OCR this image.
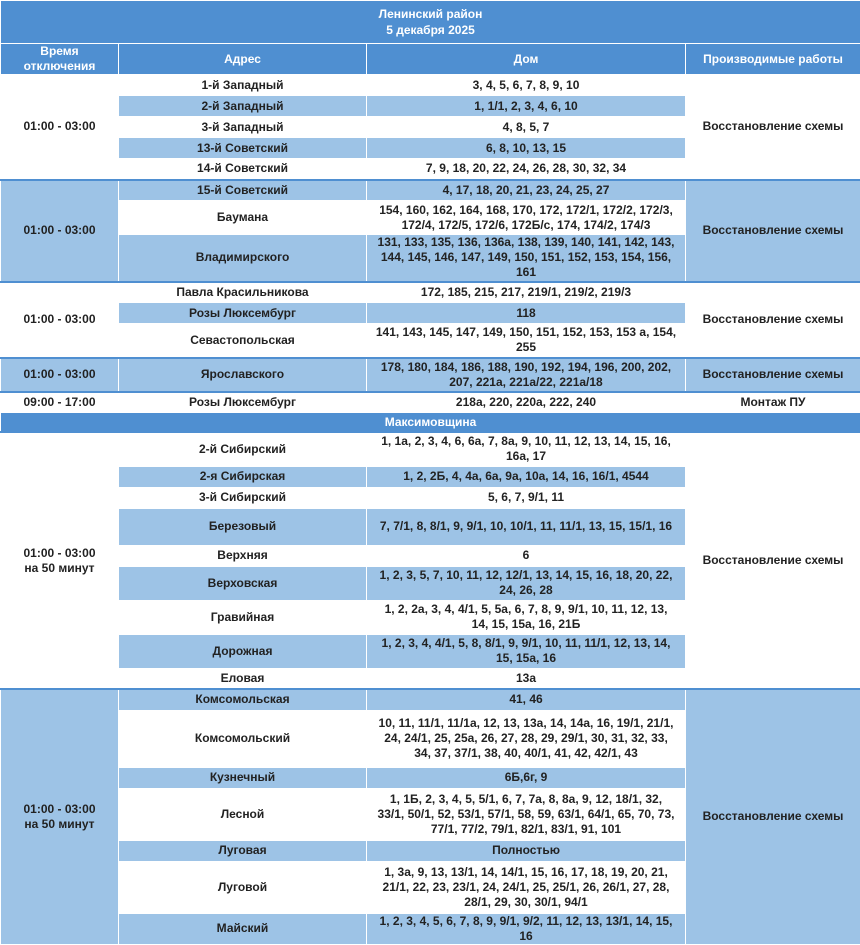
Ленинский район
5 декабря 2025			

Время отключения	Адрес	Дом	Производимые работы

01:00 - 03:00	1-й Западный	3, 4, 5, 6, 7, 8, 9, 10	Восстановление схемы
	2-й Западный	1, 1/1, 2, 3, 4, 6, 10	
	3-й Западный	4, 8, 5, 7	
	13-й Советский	6, 8, 10, 13, 15	
	14-й Советский	7, 9, 18, 20, 22, 24, 26, 28, 30, 32, 34	

01:00 - 03:00	15-й Советский	4, 17, 18, 20, 21, 23, 24, 25, 27	Восстановление схемы
	Баумана	154, 160, 162, 164, 168, 170, 172, 172/1, 172/2, 172/3, 172/4, 172/5, 172/6, 172Б/с, 174, 174/2, 174/3	
	Владимирского	131, 133, 135, 136, 136а, 138, 139, 140, 141, 142, 143, 144, 145, 146, 147, 149, 150, 151, 152, 153, 154, 156, 161	

01:00 - 03:00	Павла Красильникова	172, 185, 215, 217, 219/1, 219/2, 219/3	Восстановление схемы
	Розы Люксембург	118	
	Севастопольская	141, 143, 145, 147, 149, 150, 151, 152, 153, 153 а, 154, 255	

01:00 - 03:00	Ярославского	178, 180, 184, 186, 188, 190, 192, 194, 196, 200, 202, 207, 221а, 221а/22, 221а/18	Восстановление схемы

09:00 - 17:00	Розы Люксембург	218а, 220, 220а, 222, 240	Монтаж ПУ
Максимовщина			

01:00 - 03:00
на 50 минут	2-й Сибирский	1, 1а, 2, 3, 4, 6, 6а, 7, 8а, 9, 10, 11, 12, 13, 14, 15, 16, 16а, 17	Восстановление схемы
	2-я Сибирская	1, 2, 2Б, 4, 4а, 6а, 9а, 10а, 14, 16, 16/1, 4544	
	3-й Сибирский	5, 6, 7, 9/1, 11	
	Березовый	7, 7/1, 8, 8/1, 9, 9/1, 10, 10/1, 11, 11/1, 13, 15, 15/1, 16	
	Верхняя	6	
	Верховская	1, 2, 3, 5, 7, 10, 11, 12, 12/1, 13, 14, 15, 16, 18, 20, 22, 24, 26, 28	
	Гравийная	1, 2, 2а, 3, 4, 4/1, 5, 5а, 6, 7, 8, 9, 9/1, 10, 11, 12, 13, 14, 15, 15а, 16, 21Б	
	Дорожная	1, 2, 3, 4, 4/1, 5, 8, 8/1, 9, 9/1, 10, 11, 11/1, 12, 13, 14, 15, 15а, 16	
	Еловая	13а	

01:00 - 03:00
на 50 минут	Комсомольская	41, 46	Восстановление схемы
	Комсомольский	10, 11, 11/1, 11/1а, 12, 13, 13а, 14, 14а, 16, 19/1, 21/1, 24, 24/1, 25, 25а, 26, 27, 28, 29, 29/1, 30, 31, 32, 33, 34, 37, 37/1, 38, 40, 40/1, 41, 42, 42/1, 43	
	Кузнечный	6Б,6г, 9	
	Лесной	1, 1Б, 2, 3, 4, 5, 5/1, 6, 7, 7а, 8, 8а, 9, 12, 18/1, 32, 33/1, 50/1, 52, 53/1, 57/1, 58, 59, 63/1, 64/1, 65, 70, 73, 77/1, 77/2, 79/1, 82/1, 83/1, 91, 101	
	Луговая	Полностью	
	Луговой	1, 3а, 9, 13, 13/1, 14, 14/1, 15, 16, 17, 18, 19, 20, 21, 21/1, 22, 23, 23/1, 24, 24/1, 25, 25/1, 26, 26/1, 27, 28, 28/1, 29, 30, 30/1, 94/1	
	Майский	1, 2, 3, 4, 5, 6, 7, 8, 9, 9/1, 9/2, 11, 12, 13, 13/1, 14, 15, 16	
